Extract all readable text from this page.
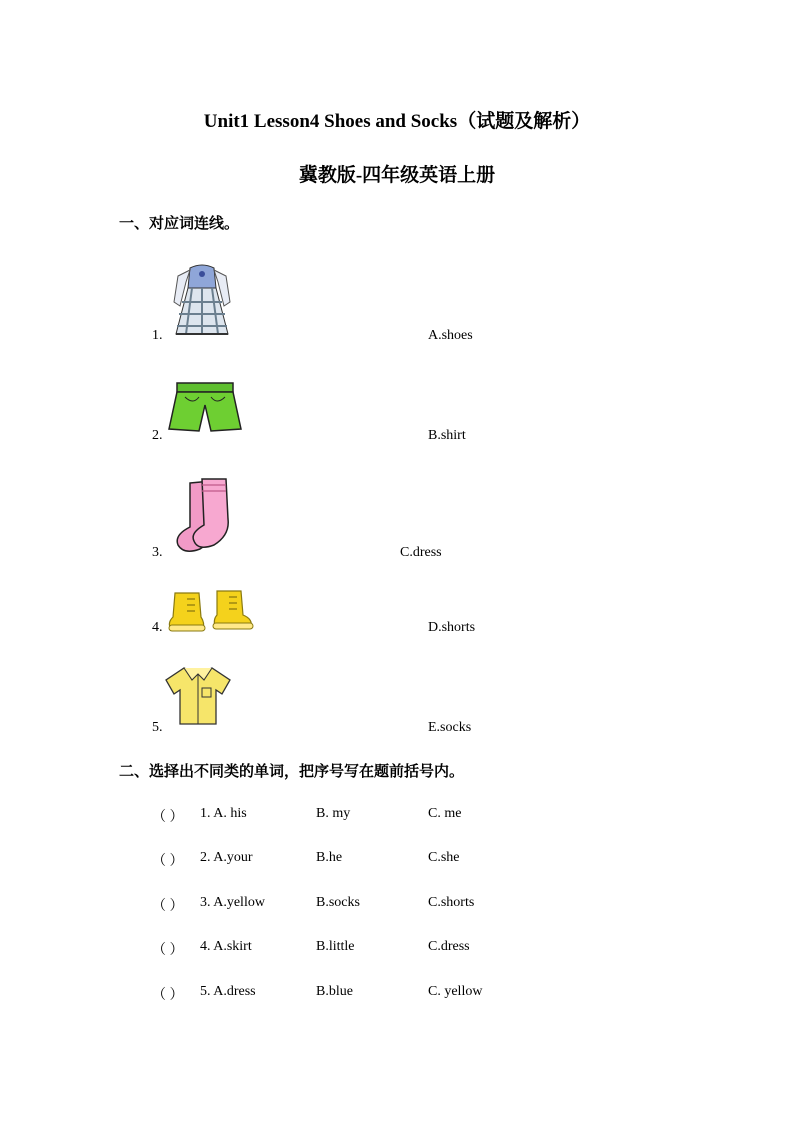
Unit1 Lesson4 Shoes and Socks（试题及解析）
冀教版-四年级英语上册
一、对应词连线。
1.	A.shoes
2.	B.shirt
3.	C.dress
4.	D.shorts
5.	E.socks
二、选择出不同类的单词，把序号写在题前括号内。
（ ） 1. A. his	B. my	C. me
（ ） 2. A.your	B.he	C.she
（ ） 3. A.yellow	B.socks	C.shorts
（ ） 4. A.skirt	B.little	C.dress
（ ） 5. A.dress	B.blue	C. yellow
